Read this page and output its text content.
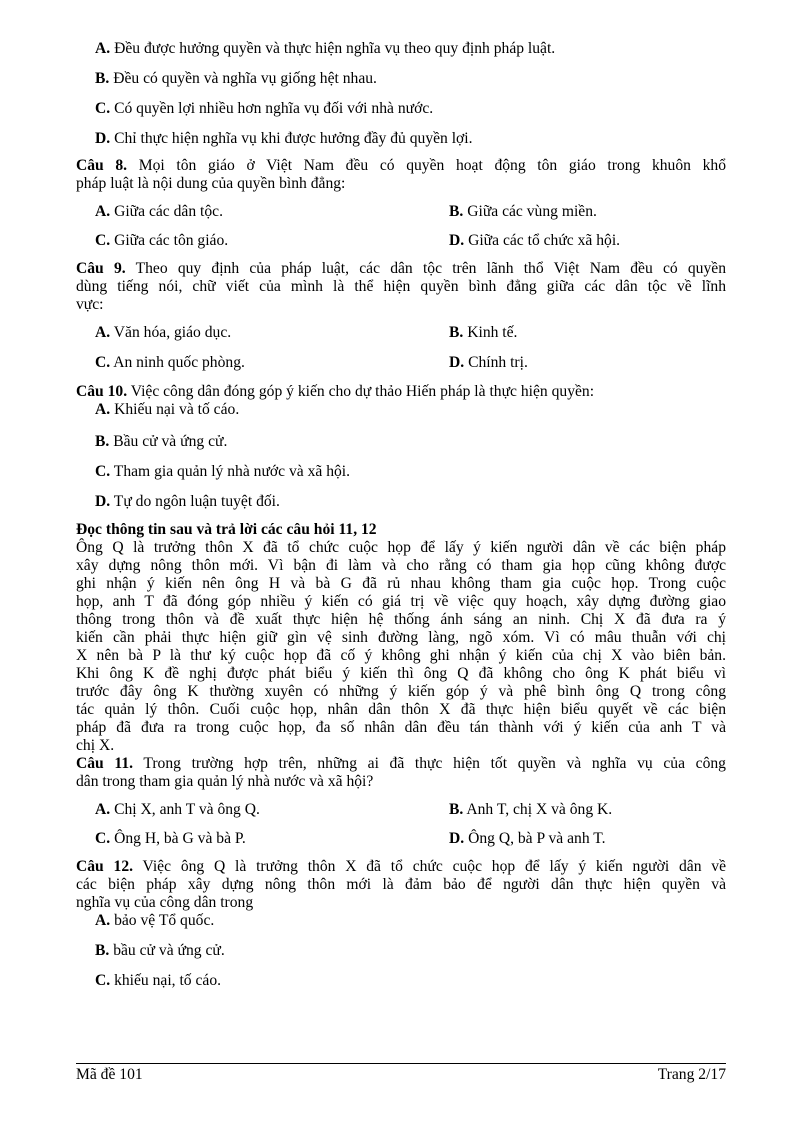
A. Đều được hưởng quyền và thực hiện nghĩa vụ theo quy định pháp luật.
B. Đều có quyền và nghĩa vụ giống hệt nhau.
C. Có quyền lợi nhiều hơn nghĩa vụ đối với nhà nước.
D. Chỉ thực hiện nghĩa vụ khi được hưởng đầy đủ quyền lợi.
Câu 8. Mọi tôn giáo ở Việt Nam đều có quyền hoạt động tôn giáo trong khuôn khổ
pháp luật là nội dung của quyền bình đẳng:
A. Giữa các dân tộc.	B. Giữa các vùng miền.
C. Giữa các tôn giáo.	D. Giữa các tổ chức xã hội.
Câu 9. Theo quy định của pháp luật, các dân tộc trên lãnh thổ Việt Nam đều có quyền
dùng tiếng nói, chữ viết của mình là thể hiện quyền bình đẳng giữa các dân tộc về lĩnh
vực:
A. Văn hóa, giáo dục.	B. Kinh tế.
C. An ninh quốc phòng.	D. Chính trị.
Câu 10. Việc công dân đóng góp ý kiến cho dự thảo Hiến pháp là thực hiện quyền:
A. Khiếu nại và tố cáo.
B. Bầu cử và ứng cử.
C. Tham gia quản lý nhà nước và xã hội.
D. Tự do ngôn luận tuyệt đối.
Đọc thông tin sau và trả lời các câu hỏi 11, 12
Ông Q là trưởng thôn X đã tổ chức cuộc họp để lấy ý kiến người dân về các biện pháp
xây dựng nông thôn mới. Vì bận đi làm và cho rằng có tham gia họp cũng không được
ghi nhận ý kiến nên ông H và bà G đã rủ nhau không tham gia cuộc họp. Trong cuộc
họp, anh T đã đóng góp nhiều ý kiến có giá trị về việc quy hoạch, xây dựng đường giao
thông trong thôn và đề xuất thực hiện hệ thống ánh sáng an ninh. Chị X đã đưa ra ý
kiến cần phải thực hiện giữ gìn vệ sinh đường làng, ngõ xóm. Vì có mâu thuẫn với chị
X nên bà P là thư ký cuộc họp đã cố ý không ghi nhận ý kiến của chị X vào biên bản.
Khi ông K đề nghị được phát biểu ý kiến thì ông Q đã không cho ông K phát biểu vì
trước đây ông K thường xuyên có những ý kiến góp ý và phê bình ông Q trong công
tác quản lý thôn. Cuối cuộc họp, nhân dân thôn X đã thực hiện biểu quyết về các biện
pháp đã đưa ra trong cuộc họp, đa số nhân dân đều tán thành với ý kiến của anh T và
chị X.
Câu 11. Trong trường hợp trên, những ai đã thực hiện tốt quyền và nghĩa vụ của công
dân trong tham gia quản lý nhà nước và xã hội?
A. Chị X, anh T và ông Q.	B. Anh T, chị X và ông K.
C. Ông H, bà G và bà P.	D. Ông Q, bà P và anh T.
Câu 12. Việc ông Q là trưởng thôn X đã tổ chức cuộc họp để lấy ý kiến người dân về
các biện pháp xây dựng nông thôn mới là đảm bảo để người dân thực hiện quyền và
nghĩa vụ của công dân trong
A. bảo vệ Tổ quốc.
B. bầu cử và ứng cử.
C. khiếu nại, tố cáo.
Mã đề 101	Trang 2/17
